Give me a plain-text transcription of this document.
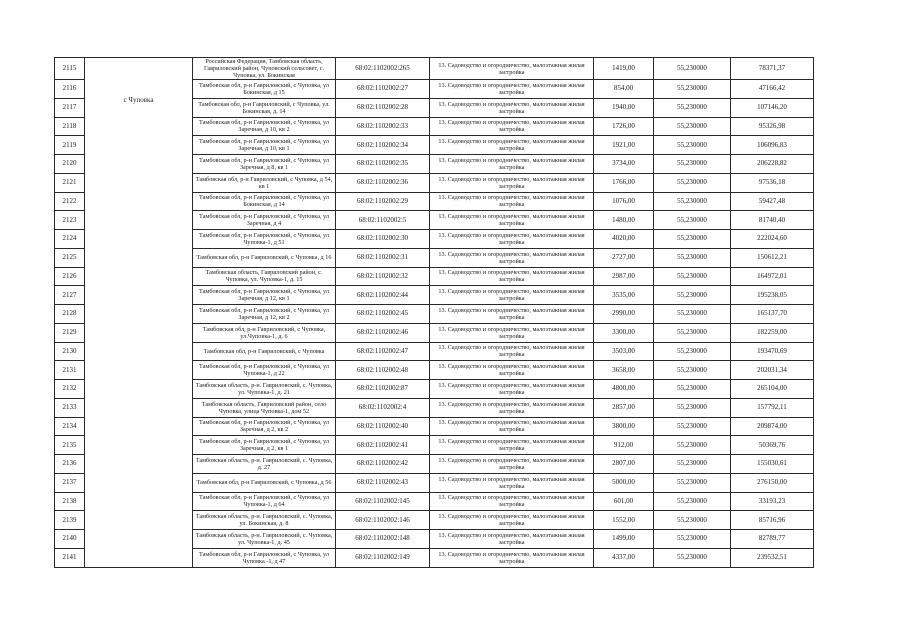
2115	с Чуповка	Российская Федерация, Тамбовская область, Гавриловский район, Чуповский сельсовет, с. Чуповка, ул. Бокинская	68:02:1102002:265	13. Садоводство и огородничество, малоэтажная жилая застройка	1419,00	55,230000	78371,37
2116		Тамбовская обл, р-н Гавриловский, с Чуповка, ул Бокинская, д 15	68:02:1102002:27	13. Садоводство и огородничество, малоэтажная жилая застройка	854,00	55,230000	47166,42
2117		Тамбовская обл, р-н Гавриловский, с Чуповка, ул. Бокинская, д. 14	68:02:1102002:28	13. Садоводство и огородничество, малоэтажная жилая застройка	1940,00	55,230000	107146,20
2118		Тамбовская обл, р-н Гавриловский, с Чуповка, ул Заречная, д 10, кв 2	68:02:1102002:33	13. Садоводство и огородничество, малоэтажная жилая застройка	1726,00	55,230000	95326,98
2119		Тамбовская обл, р-н Гавриловский, с Чуповка, ул Заречная, д 10, кв 1	68:02:1102002:34	13. Садоводство и огородничество, малоэтажная жилая застройка	1921,00	55,230000	106096,83
2120		Тамбовская обл, р-н Гавриловский, с Чуповка, ул Заречная, д 8, кв 1	68:02:1102002:35	13. Садоводство и огородничество, малоэтажная жилая застройка	3734,00	55,230000	206228,82
2121		Тамбовская обл, р-н Гавриловский, с Чуповка, д 54, кв 1	68:02:1102002:36	13. Садоводство и огородничество, малоэтажная жилая застройка	1766,00	55,230000	97536,18
2122		Тамбовская обл, р-н Гавриловский, с Чуповка, ул Бокинская, д 14	68:02:1102002:29	13. Садоводство и огородничество, малоэтажная жилая застройка	1076,00	55,230000	59427,48
2123		Тамбовская обл, р-н Гавриловский, с Чуповка, ул Заречная, д 4	68:02:1102002:5	13. Садоводство и огородничество, малоэтажная жилая застройка	1480,00	55,230000	81740,40
2124		Тамбовская обл, р-н Гавриловский, с Чуповка, ул Чуповка-1, д 51	68:02:1102002:30	13. Садоводство и огородничество, малоэтажная жилая застройка	4020,00	55,230000	222024,60
2125		Тамбовская обл, р-н Гавриловский, с Чуповка, д 16	68:02:1102002:31	13. Садоводство и огородничество, малоэтажная жилая застройка	2727,00	55,230000	150612,21
2126		Тамбовская область, Гавриловский район, с. Чуповка, ул. Чуповка-1, д. 15	68:02:1102002:32	13. Садоводство и огородничество, малоэтажная жилая застройка	2987,00	55,230000	164972,01
2127		Тамбовская обл, р-н Гавриловский, с Чуповка, ул Заречная, д 12, кв 1	68:02:1102002:44	13. Садоводство и огородничество, малоэтажная жилая застройка	3535,00	55,230000	195238,05
2128		Тамбовская обл, р-н Гавриловский, с Чуповка, ул Заречная, д 12, кв 2	68:02:1102002:45	13. Садоводство и огородничество, малоэтажная жилая застройка	2990,00	55,230000	165137,70
2129		Тамбовская обл, р-н Гавриловский, с Чуповка, ул.Чуповка-1, д. 6	68:02:1102002:46	13. Садоводство и огородничество, малоэтажная жилая застройка	3300,00	55,230000	182259,00
2130		Тамбовская обл, р-н Гавриловский, с Чуповка	68:02:1102002:47	13. Садоводство и огородничество, малоэтажная жилая застройка	3503,00	55,230000	193470,69
2131		Тамбовская обл, р-н Гавриловский, с Чуповка, ул Чуповка-1, д 22	68:02:1102002:48	13. Садоводство и огородничество, малоэтажная жилая застройка	3658,00	55,230000	202031,34
2132		Тамбовская область, р-н. Гавриловский, с. Чуповка, ул. Чуповка-1, д. 21	68:02:1102002:87	13. Садоводство и огородничество, малоэтажная жилая застройка	4800,00	55,230000	265104,00
2133		Тамбовская область, Гавриловский район, село Чуповка, улица Чуповка-1, дом 52	68:02:1102002:4	13. Садоводство и огородничество, малоэтажная жилая застройка	2857,00	55,230000	157792,11
2134		Тамбовская обл, р-н Гавриловский, с Чуповка, ул Заречная, д 2, кв 2	68:02:1102002:40	13. Садоводство и огородничество, малоэтажная жилая застройка	3800,00	55,230000	209874,00
2135		Тамбовская обл, р-н Гавриловский, с Чуповка, ул Заречная, д 2, кв 1	68:02:1102002:41	13. Садоводство и огородничество, малоэтажная жилая застройка	912,00	55,230000	50369,76
2136		Тамбовская область, р-н. Гавриловский, с. Чуповка, д. 27	68:02:1102002:42	13. Садоводство и огородничество, малоэтажная жилая застройка	2807,00	55,230000	155030,61
2137		Тамбовская обл, р-н Гавриловский, с Чуповка, д 56	68:02:1102002:43	13. Садоводство и огородничество, малоэтажная жилая застройка	5000,00	55,230000	276150,00
2138		Тамбовская обл, р-н Гавриловский, с Чуповка, ул Чуповка-1, д 64	68:02:1102002:145	13. Садоводство и огородничество, малоэтажная жилая застройка	601,00	55,230000	33193,23
2139		Тамбовская область, р-н. Гавриловский, с. Чуповка, ул. Бокинская, д. 8	68:02:1102002:146	13. Садоводство и огородничество, малоэтажная жилая застройка	1552,00	55,230000	85716,96
2140		Тамбовская область, р-н. Гавриловский, с. Чуповка, ул. Чуповка-1, д. 45	68:02:1102002:148	13. Садоводство и огородничество, малоэтажная жилая застройка	1499,00	55,230000	82789,77
2141		Тамбовская обл, р-н Гавриловский, с Чуповка, ул Чуповка -1, д 47	68:02:1102002:149	13. Садоводство и огородничество, малоэтажная жилая застройка	4337,00	55,230000	239532,51
